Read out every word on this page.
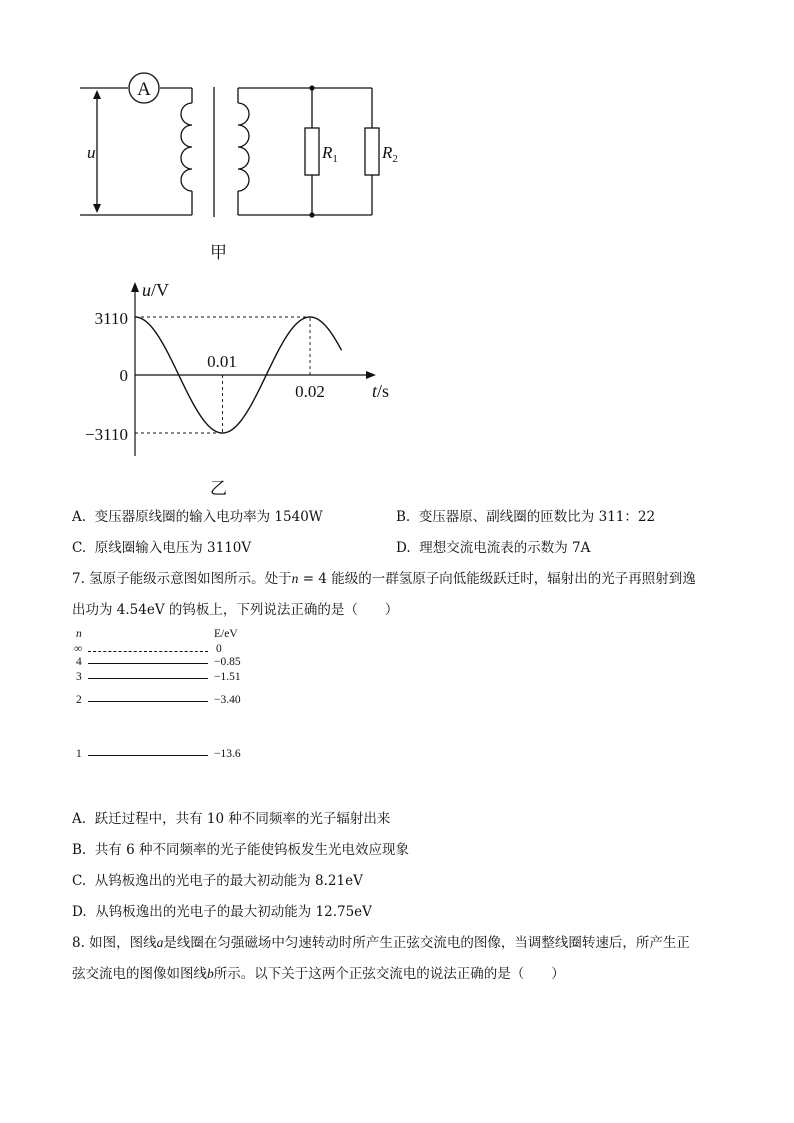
A
u	$R_1$	$R_2$
甲
u/V
t/s
3110
0
−3110
0.01
0.02
乙
A. 变压器原线圈的输入电功率为 1540W	B. 变压器原、副线圈的匝数比为 311：22
C. 原线圈输入电压为 3110V	D. 理想交流电流表的示数为 7A
7. 氢原子能级示意图如图所示。处于n = 4 能级的一群氢原子向低能级跃迁时，辐射出的光子再照射到逸
出功为 4.54eV 的钨板上，下列说法正确的是（　　）
n	E/eV
∞	0
4	−0.85
3	−1.51
2	−3.40
1	−13.6
A. 跃迁过程中，共有 10 种不同频率的光子辐射出来
B. 共有 6 种不同频率的光子能使钨板发生光电效应现象
C. 从钨板逸出的光电子的最大初动能为 8.21eV
D. 从钨板逸出的光电子的最大初动能为 12.75eV
8. 如图，图线a是线圈在匀强磁场中匀速转动时所产生正弦交流电的图像，当调整线圈转速后，所产生正
弦交流电的图像如图线b所示。以下关于这两个正弦交流电的说法正确的是（　　）
